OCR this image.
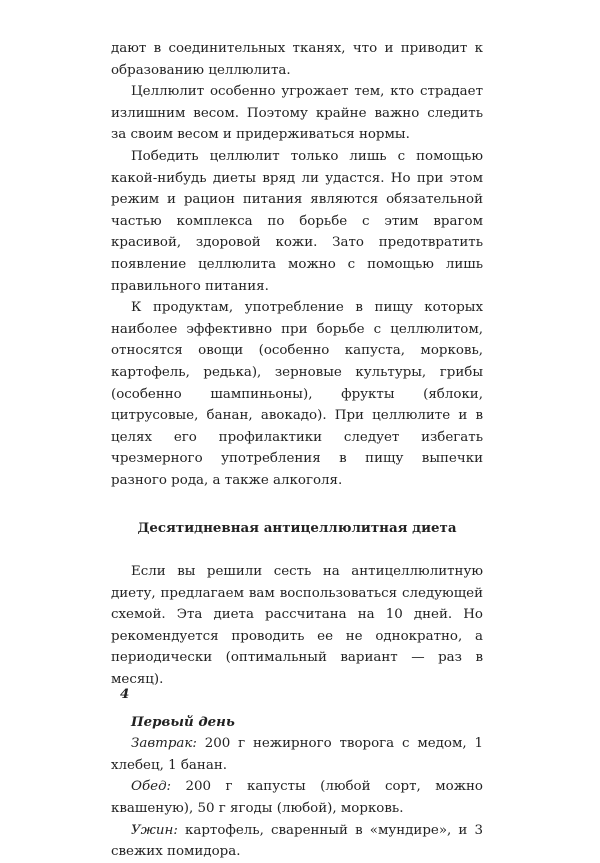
дают в соединительных тканях, что и приводит к образованию целлюлита.

Целлюлит особенно угрожает тем, кто страдает излишним весом. Поэтому крайне важно следить за своим весом и придерживаться нормы.

Победить целлюлит только лишь с помощью какой-нибудь диеты вряд ли удастся. Но при этом режим и рацион питания являются обязательной частью комплекса по борьбе с этим врагом красивой, здоровой кожи. Зато предотвратить появление целлюлита можно с помощью лишь правильного питания.

К продуктам, употребление в пищу которых наиболее эффективно при борьбе с целлюлитом, относятся овощи (особенно капуста, морковь, картофель, редька), зерновые культуры, грибы (особенно шампиньоны), фрукты (яблоки, цитрусовые, банан, авокадо). При целлюлите и в целях его профилактики следует избегать чрезмерного употребления в пищу выпечки разного рода, а также алкоголя.

Десятидневная антицеллюлитная диета

Если вы решили сесть на антицеллюлитную диету, предлагаем вам воспользоваться следующей схемой. Эта диета рассчитана на 10 дней. Но рекомендуется проводить ее не однократно, а периодически (оптимальный вариант — раз в месяц).

Первый день

Завтрак: 200 г нежирного творога с медом, 1 хлебец, 1 банан.

Обед: 200 г капусты (любой сорт, можно квашеную), 50 г ягоды (любой), морковь.

Ужин: картофель, сваренный в «мундире», и 3 свежих помидора.

4
